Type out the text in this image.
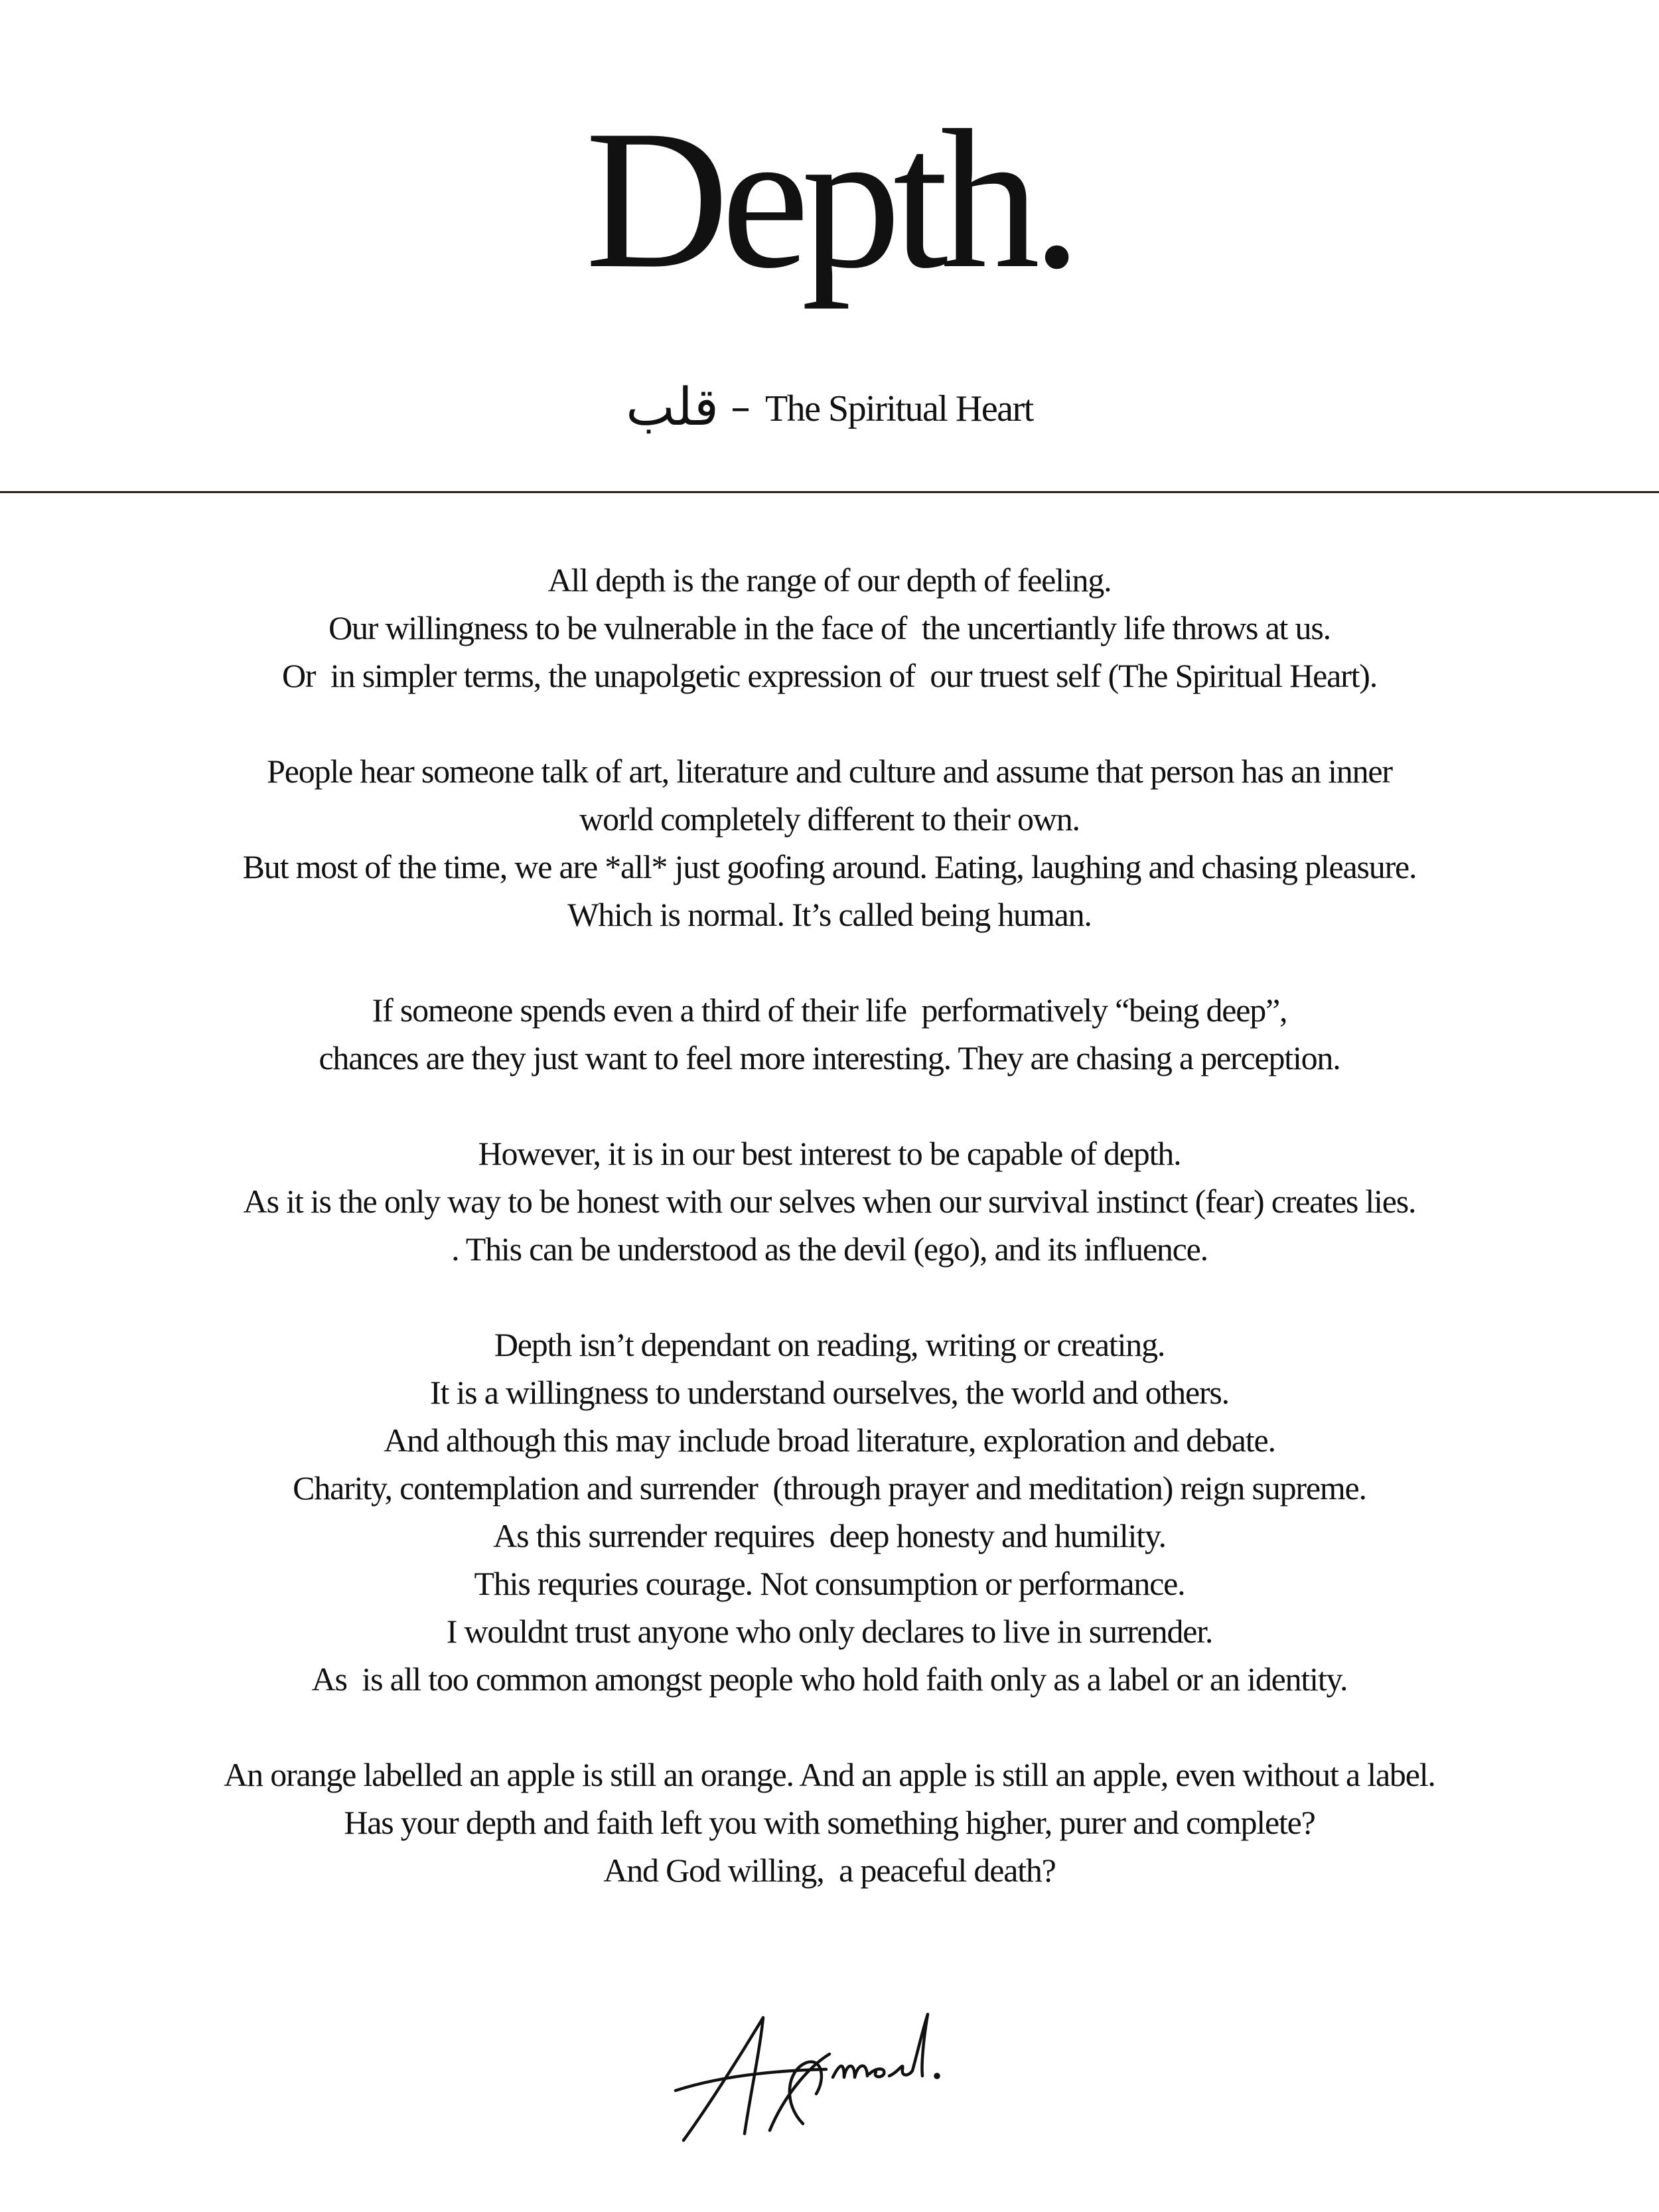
Depth.
قلب – The Spiritual Heart
All depth is the range of our depth of feeling.
Our willingness to be vulnerable in the face of  the uncertiantly life throws at us.
Or  in simpler terms, the unapolgetic expression of  our truest self (The Spiritual Heart).
People hear someone talk of art, literature and culture and assume that person has an inner
world completely different to their own.
But most of the time, we are *all* just goofing around. Eating, laughing and chasing pleasure.
Which is normal. It’s called being human.
If someone spends even a third of their life  performatively “being deep”,
chances are they just want to feel more interesting. They are chasing a perception.
However, it is in our best interest to be capable of depth.
As it is the only way to be honest with our selves when our survival instinct (fear) creates lies.
. This can be understood as the devil (ego), and its influence.
Depth isn’t dependant on reading, writing or creating.
It is a willingness to understand ourselves, the world and others.
And although this may include broad literature, exploration and debate.
Charity, contemplation and surrender  (through prayer and meditation) reign supreme.
As this surrender requires  deep honesty and humility.
This requries courage. Not consumption or performance.
I wouldnt trust anyone who only declares to live in surrender.
As  is all too common amongst people who hold faith only as a label or an identity.
An orange labelled an apple is still an orange. And an apple is still an apple, even without a label.
Has your depth and faith left you with something higher, purer and complete?
And God willing,  a peaceful death?
